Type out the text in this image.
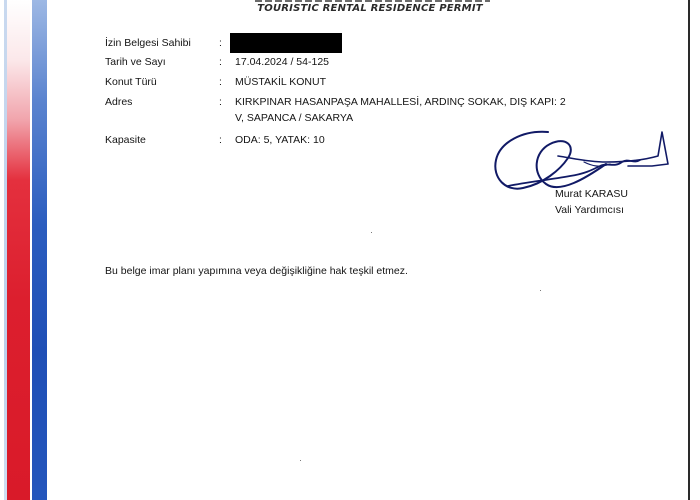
TOURISTIC RENTAL RESIDENCE PERMIT
İzin Belgesi Sahibi	:
Tarih ve Sayı	: 17.04.2024 / 54-125
Konut Türü	: MÜSTAKİL KONUT
Adres	: KIRKPINAR HASANPAŞA MAHALLESİ, ARDINÇ SOKAK, DIŞ KAPI: 2 V, SAPANCA / SAKARYA
Kapasite	: ODA: 5, YATAK: 10
Murat KARASU
Vali Yardımcısı
Bu belge imar planı yapımına veya değişikliğine hak teşkil etmez.
